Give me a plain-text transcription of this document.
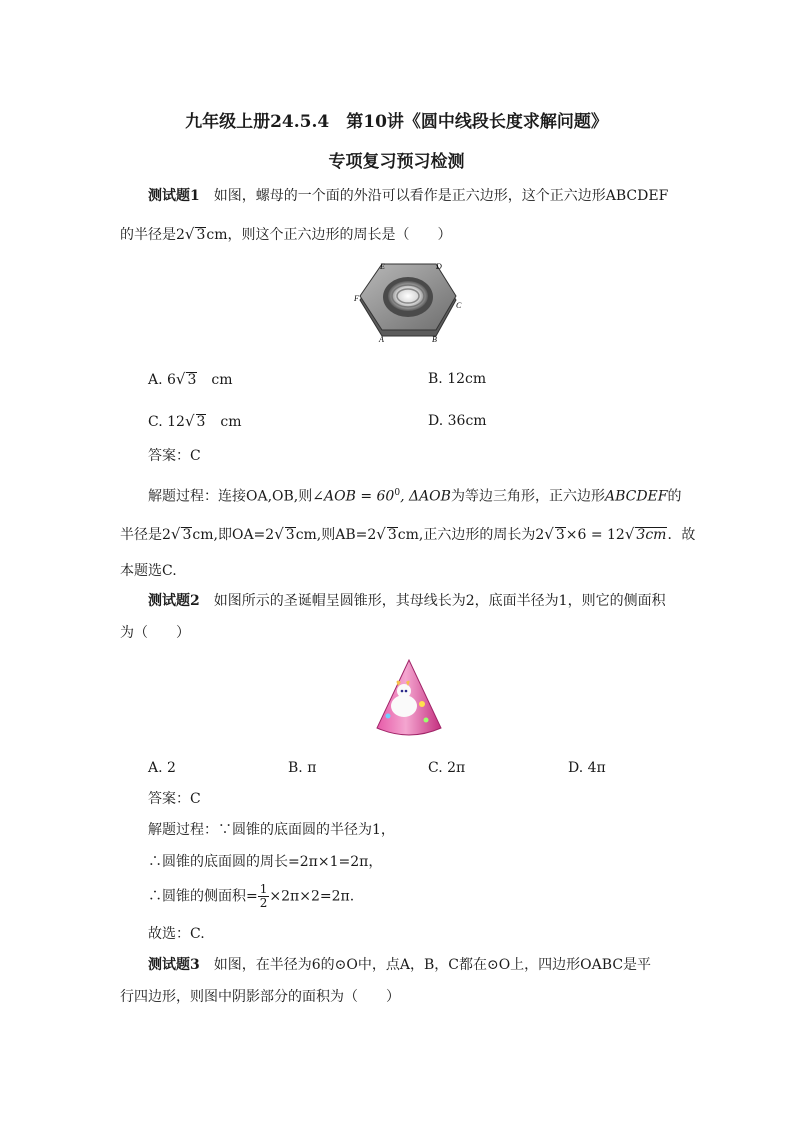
九年级上册24.5.4　第10讲《圆中线段长度求解问题》
专项复习预习检测
测试题1　如图，螺母的一个面的外沿可以看作是正六边形，这个正六边形ABCDEF
的半径是2√ 3cm，则这个正六边形的周长是（　　）
E	D
F
C
A	B
A. 6√ 3　cm	B. 12cm
C. 12√ 3　cm	D. 36cm
答案：C
解题过程：连接OA,OB,则∠AOB = $60^0$, ΔAOB为等边三角形，正六边形ABCDEF的
半径是2√ 3cm,即OA=2√ 3cm,则AB=2√ 3cm,正六边形的周长为2√ 3×6 = 12√ 3cm．故
本题选C.
测试题2　如图所示的圣诞帽呈圆锥形，其母线长为2，底面半径为1，则它的侧面积
为（　　）
A. 2	B. π	C. 2π	D. 4π
答案：C
解题过程：∵圆锥的底面圆的半径为1，
∴圆锥的底面圆的周长=2π×1=2π，
∴圆锥的侧面积= $\frac{1}{2} \times 2\pi\times 2=2\pi$.
故选：C.
测试题3　如图，在半径为6的⊙O中，点A，B，C都在⊙O上，四边形OABC是平
行四边形，则图中阴影部分的面积为（　　）
